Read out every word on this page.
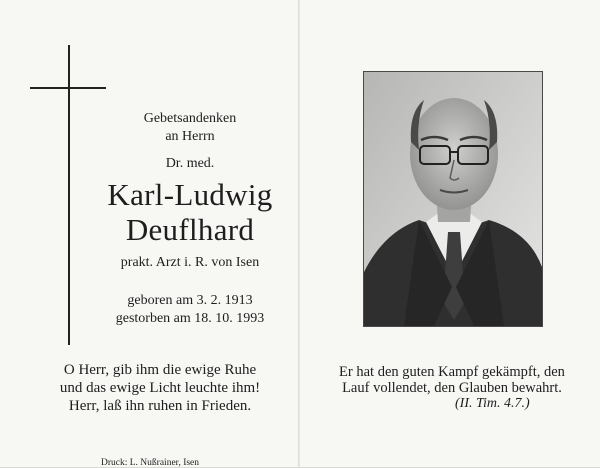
Gebetsandenken
an Herrn
Dr. med.
Karl-Ludwig
Deuflhard
prakt. Arzt i. R. von Isen
geboren am 3. 2. 1913
gestorben am 18. 10. 1993
O Herr, gib ihm die ewige Ruhe
und das ewige Licht leuchte ihm!
Herr, laß ihn ruhen in Frieden.
Druck: L. Nußrainer, Isen
Er hat den guten Kampf gekämpft, den
Lauf vollendet, den Glauben bewahrt.
(II. Tim. 4.7.)
